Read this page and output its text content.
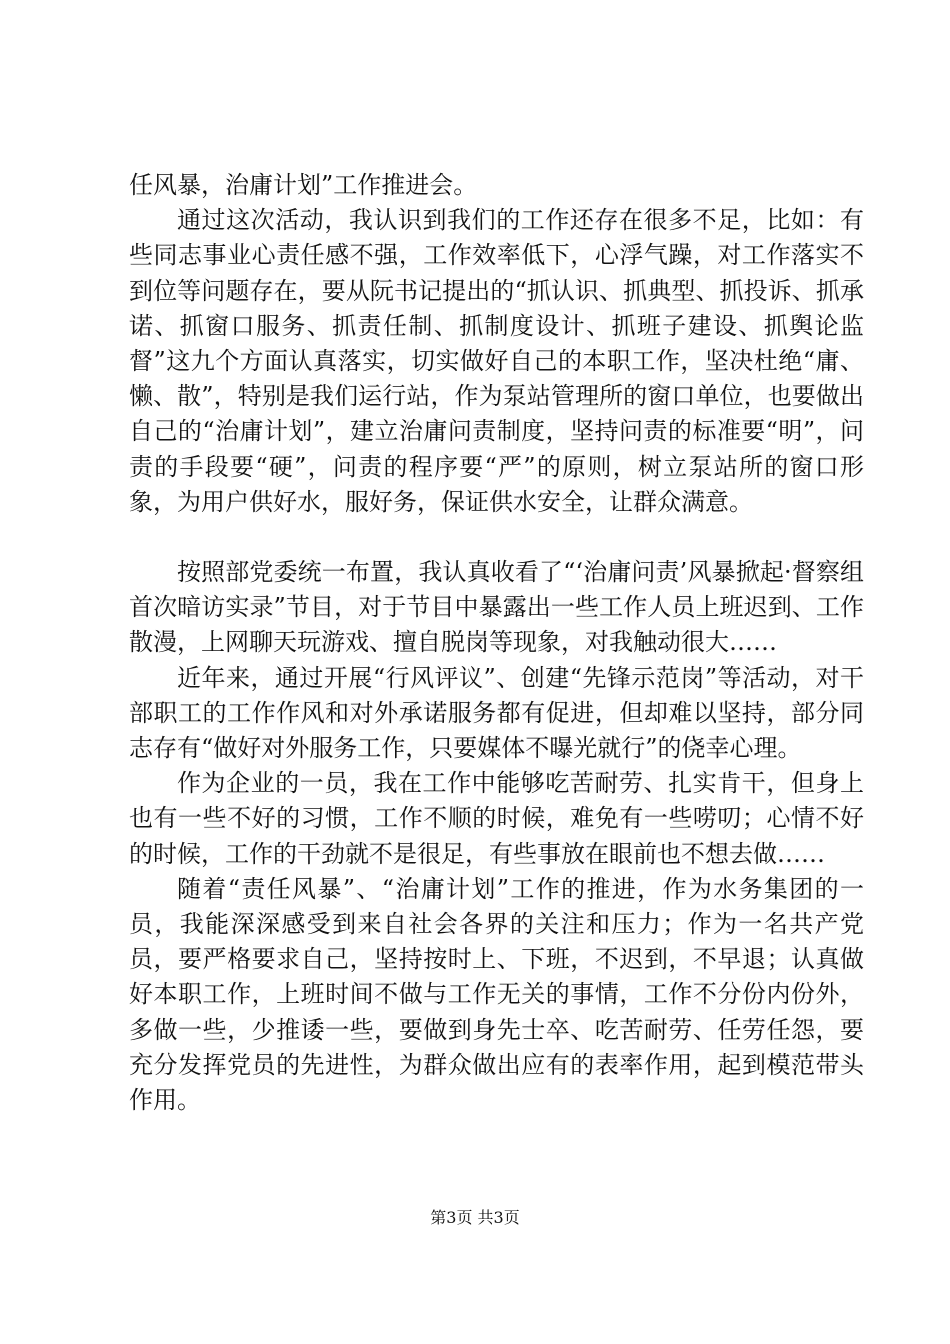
任风暴，治庸计划”工作推进会。

通过这次活动，我认识到我们的工作还存在很多不足，比如：有些同志事业心责任感不强，工作效率低下，心浮气躁，对工作落实不到位等问题存在，要从阮书记提出的“抓认识、抓典型、抓投诉、抓承诺、抓窗口服务、抓责任制、抓制度设计、抓班子建设、抓舆论监督”这九个方面认真落实，切实做好自己的本职工作，坚决杜绝“庸、懒、散”，特别是我们运行站，作为泵站管理所的窗口单位，也要做出自己的“治庸计划”，建立治庸问责制度，坚持问责的标准要“明”，问责的手段要“硬”，问责的程序要“严”的原则，树立泵站所的窗口形象，为用户供好水，服好务，保证供水安全，让群众满意。

按照部党委统一布置，我认真收看了“‘治庸问责’风暴掀起·督察组首次暗访实录”节目，对于节目中暴露出一些工作人员上班迟到、工作散漫，上网聊天玩游戏、擅自脱岗等现象，对我触动很大……

近年来，通过开展“行风评议”、创建“先锋示范岗”等活动，对干部职工的工作作风和对外承诺服务都有促进，但却难以坚持，部分同志存有“做好对外服务工作，只要媒体不曝光就行”的侥幸心理。

作为企业的一员，我在工作中能够吃苦耐劳、扎实肯干，但身上也有一些不好的习惯，工作不顺的时候，难免有一些唠叨；心情不好的时候，工作的干劲就不是很足，有些事放在眼前也不想去做……

随着“责任风暴”、“治庸计划”工作的推进，作为水务集团的一员，我能深深感受到来自社会各界的关注和压力；作为一名共产党员，要严格要求自己，坚持按时上、下班，不迟到，不早退；认真做好本职工作，上班时间不做与工作无关的事情，工作不分份内份外，多做一些，少推诿一些，要做到身先士卒、吃苦耐劳、任劳任怨，要充分发挥党员的先进性，为群众做出应有的表率作用，起到模范带头作用。

第3页 共3页
